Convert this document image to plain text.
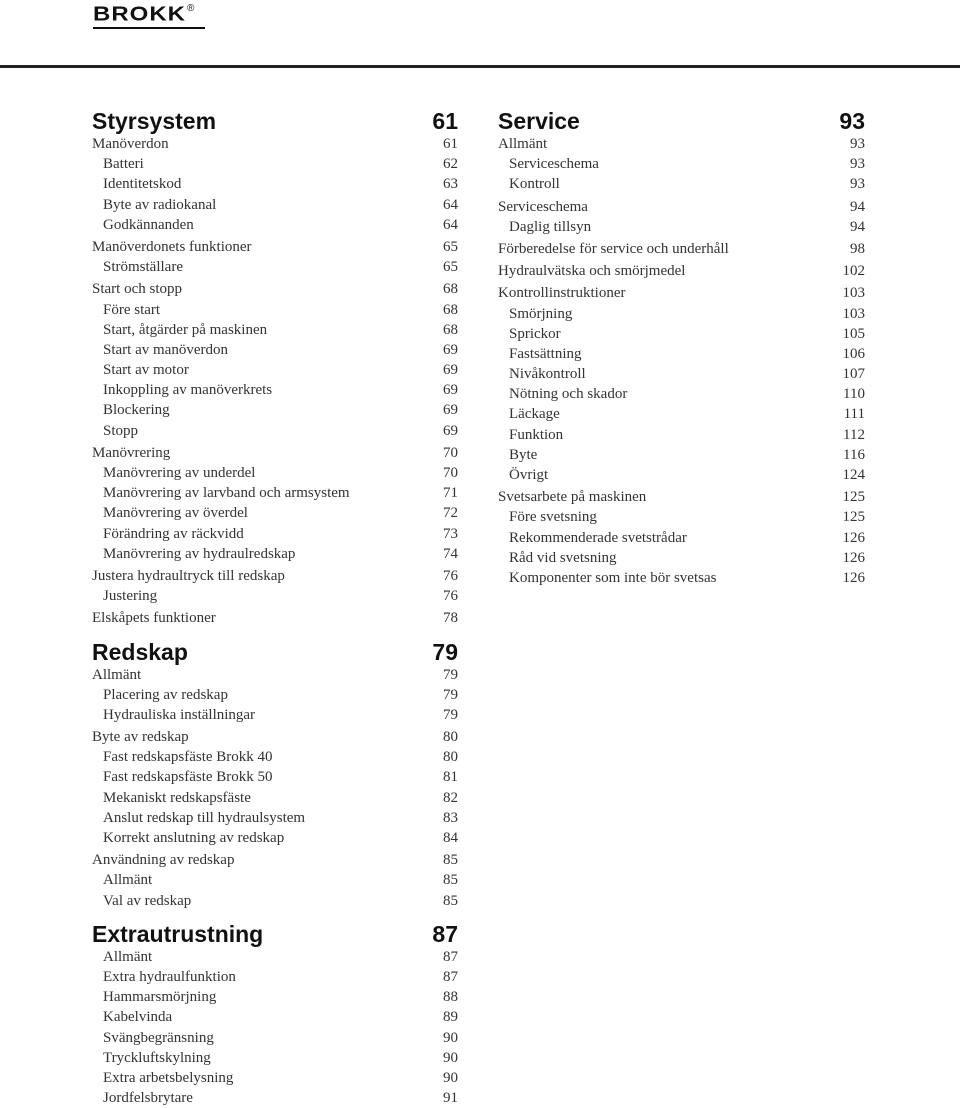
BROKK ®
Styrsystem	61
Manöverdon	61
Batteri	62
Identitetskod	63
Byte av radiokanal	64
Godkännanden	64
Manöverdonets funktioner	65
Strömställare	65
Start och stopp	68
Före start	68
Start, åtgärder på maskinen	68
Start av manöverdon	69
Start av motor	69
Inkoppling av manöverkrets	69
Blockering	69
Stopp	69
Manövrering	70
Manövrering av underdel	70
Manövrering av larvband och armsystem	71
Manövrering av överdel	72
Förändring av räckvidd	73
Manövrering av hydraulredskap	74
Justera hydraultryck till redskap	76
Justering	76
Elskåpets funktioner	78
Redskap	79
Allmänt	79
Placering av redskap	79
Hydrauliska inställningar	79
Byte av redskap	80
Fast redskapsfäste Brokk 40	80
Fast redskapsfäste Brokk 50	81
Mekaniskt redskapsfäste	82
Anslut redskap till hydraulsystem	83
Korrekt anslutning av redskap	84
Användning av redskap	85
Allmänt	85
Val av redskap	85
Extrautrustning	87
Allmänt	87
Extra hydraulfunktion	87
Hammarsmörjning	88
Kabelvinda	89
Svängbegränsning	90
Tryckluftskylning	90
Extra arbetsbelysning	90
Jordfelsbrytare	91
Service	93
Allmänt	93
Serviceschema	93
Kontroll	93
Serviceschema	94
Daglig tillsyn	94
Förberedelse för service och underhåll	98
Hydraulvätska och smörjmedel	102
Kontrollinstruktioner	103
Smörjning	103
Sprickor	105
Fastsättning	106
Nivåkontroll	107
Nötning och skador	110
Läckage	111
Funktion	112
Byte	116
Övrigt	124
Svetsarbete på maskinen	125
Före svetsning	125
Rekommenderade svetstrådar	126
Råd vid svetsning	126
Komponenter som inte bör svetsas	126
